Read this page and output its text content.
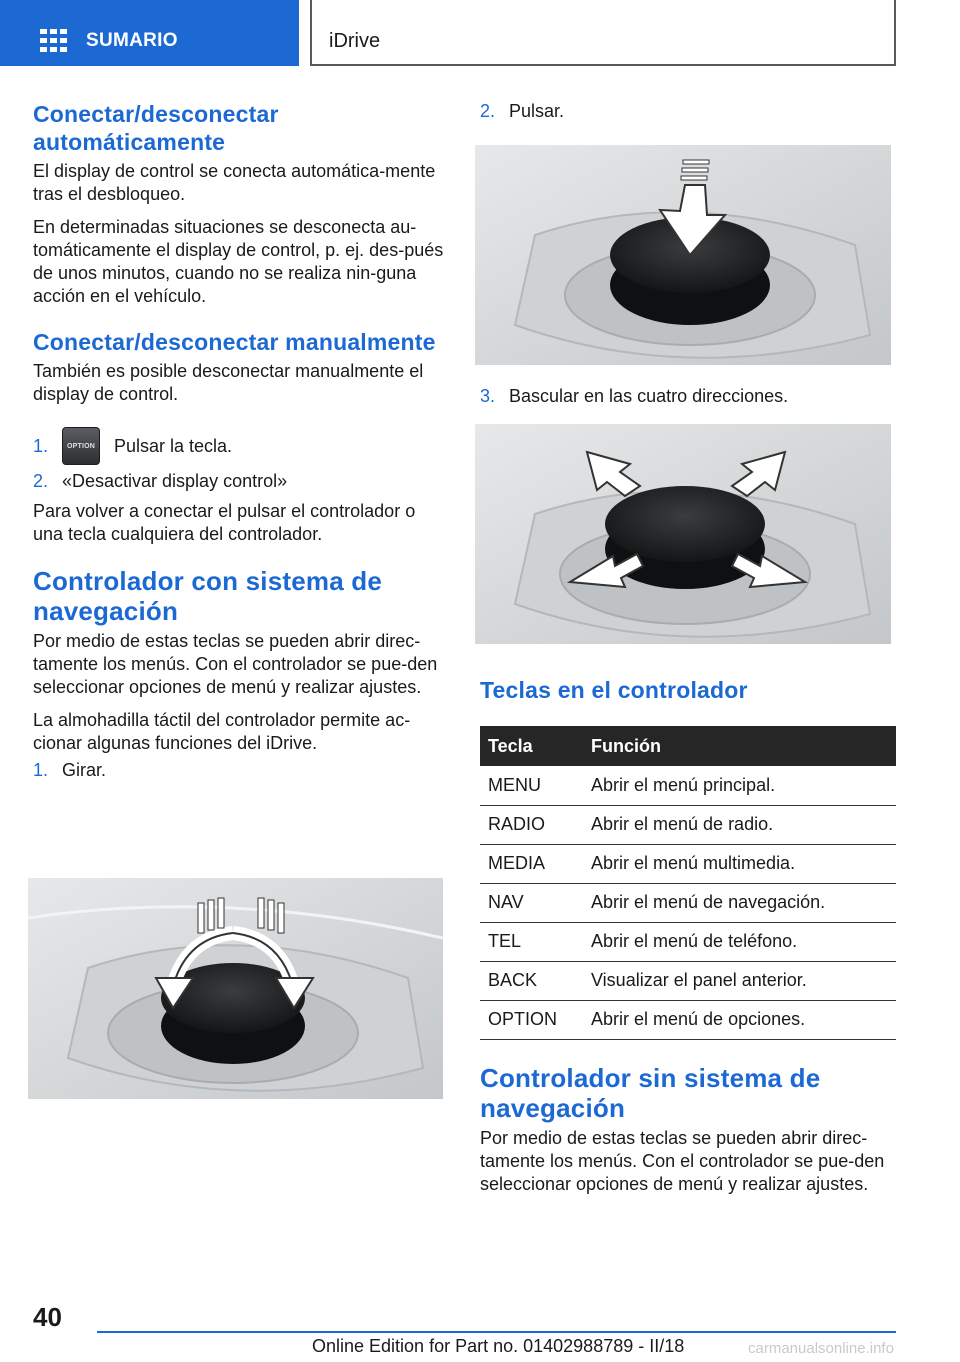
SUMARIO	iDrive
Conectar/desconectar automáticamente

El display de control se conecta automática-mente tras el desbloqueo.

En determinadas situaciones se desconecta au-tomáticamente el display de control, p. ej. des-pués de unos minutos, cuando no se realiza nin-guna acción en el vehículo.

Conectar/desconectar manualmente

También es posible desconectar manualmente el display de control.

1.	OPTION Pulsar la tecla.
2. «Desactivar display control»

Para volver a conectar el pulsar el controlador o una tecla cualquiera del controlador.

Controlador con sistema de navegación

Por medio de estas teclas se pueden abrir direc-tamente los menús. Con el controlador se pue-den seleccionar opciones de menú y realizar ajustes.

La almohadilla táctil del controlador permite ac-cionar algunas funciones del iDrive.

1. Girar.
2. Pulsar.
3. Bascular en las cuatro direcciones.
Teclas en el controlador
Tecla	Función
MENU	Abrir el menú principal.
RADIO	Abrir el menú de radio.
MEDIA	Abrir el menú multimedia.
NAV	Abrir el menú de navegación.
TEL	Abrir el menú de teléfono.
BACK	Visualizar el panel anterior.
OPTION	Abrir el menú de opciones.
Controlador sin sistema de navegación

Por medio de estas teclas se pueden abrir direc-tamente los menús. Con el controlador se pue-den seleccionar opciones de menú y realizar ajustes.

40
Online Edition for Part no. 01402988789 - II/18	carmanualsonline.info
